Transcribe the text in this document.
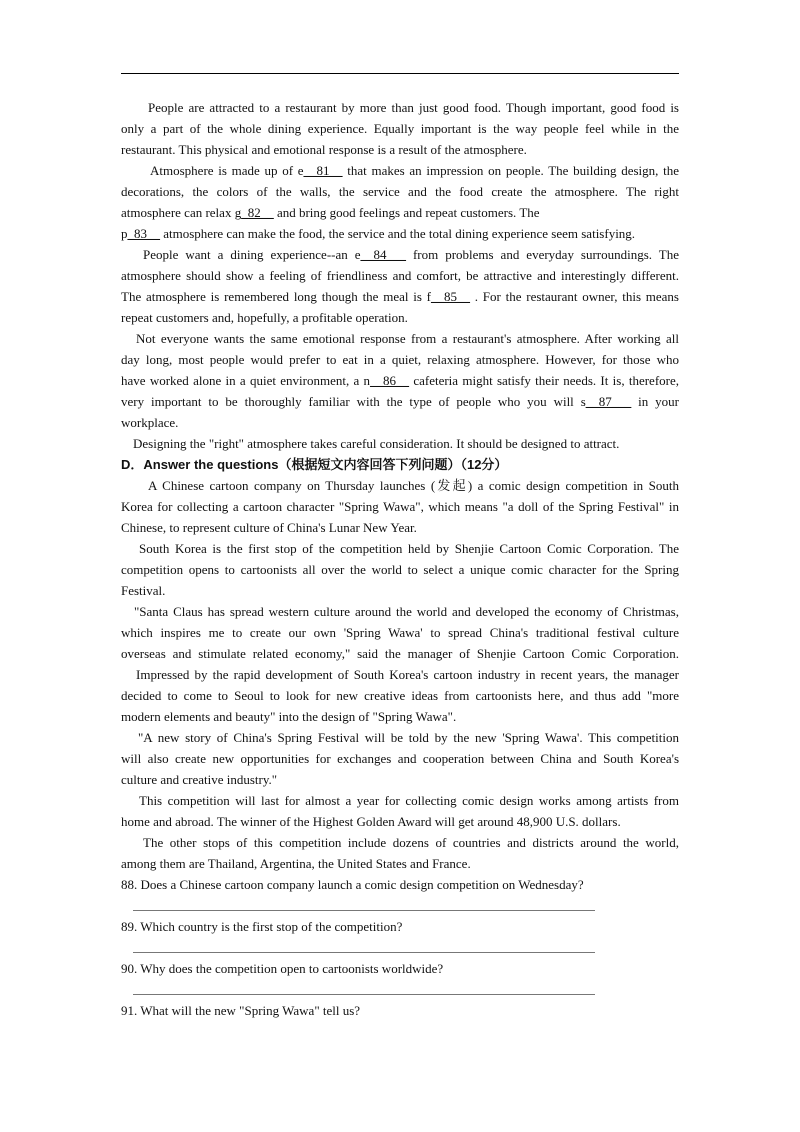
People are attracted to a restaurant by more than just good food. Though important, good food is
only a part of the whole dining experience. Equally important is the way people feel while in the
restaurant. This physical and emotional response is a result of the atmosphere.
Atmosphere is made up of e__81__ that makes an impression on people. The building design, the
decorations, the colors of the walls, the service and the food create the atmosphere. The right
atmosphere can relax g_82__ and bring good feelings and repeat customers. The
p_83__ atmosphere can make the food, the service and the total dining experience seem satisfying.
People want a dining experience--an e__84___ from problems and everyday surroundings. The
atmosphere should show a feeling of friendliness and comfort, be attractive and interestingly different.
The atmosphere is remembered long though the meal is f__85__ . For the restaurant owner, this means
repeat customers and, hopefully, a profitable operation.
Not everyone wants the same emotional response from a restaurant's atmosphere. After working all
day long, most people would prefer to eat in a quiet, relaxing atmosphere. However, for those who
have worked alone in a quiet environment, a n__86__ cafeteria might satisfy their needs. It is, therefore,
very important to be thoroughly familiar with the type of people who you will s__87___ in your
workplace.
Designing the "right" atmosphere takes careful consideration. It should be designed to attract.
D．Answer the questions（根据短文内容回答下列问题）（12分）
A Chinese cartoon company on Thursday launches (发起) a comic design competition in South
Korea for collecting a cartoon character "Spring Wawa", which means "a doll of the Spring Festival" in
Chinese, to represent culture of China's Lunar New Year.
South Korea is the first stop of the competition held by Shenjie Cartoon Comic Corporation. The
competition opens to cartoonists all over the world to select a unique comic character for the Spring
Festival.
"Santa Claus has spread western culture around the world and developed the economy of Christmas,
which inspires me to create our own 'Spring Wawa' to spread China's traditional festival culture
overseas and stimulate related economy," said the manager of Shenjie Cartoon Comic Corporation.
Impressed by the rapid development of South Korea's cartoon industry in recent years, the manager
decided to come to Seoul to look for new creative ideas from cartoonists here, and thus add "more
modern elements and beauty" into the design of "Spring Wawa".
"A new story of China's Spring Festival will be told by the new 'Spring Wawa'. This competition
will also create new opportunities for exchanges and cooperation between China and South Korea's
culture and creative industry."
This competition will last for almost a year for collecting comic design works among artists from
home and abroad. The winner of the Highest Golden Award will get around 48,900 U.S. dollars.
The other stops of this competition include dozens of countries and districts around the world,
among them are Thailand, Argentina, the United States and France.
88. Does a Chinese cartoon company launch a comic design competition on Wednesday?
89. Which country is the first stop of the competition?
90. Why does the competition open to cartoonists worldwide?
91. What will the new "Spring Wawa" tell us?
